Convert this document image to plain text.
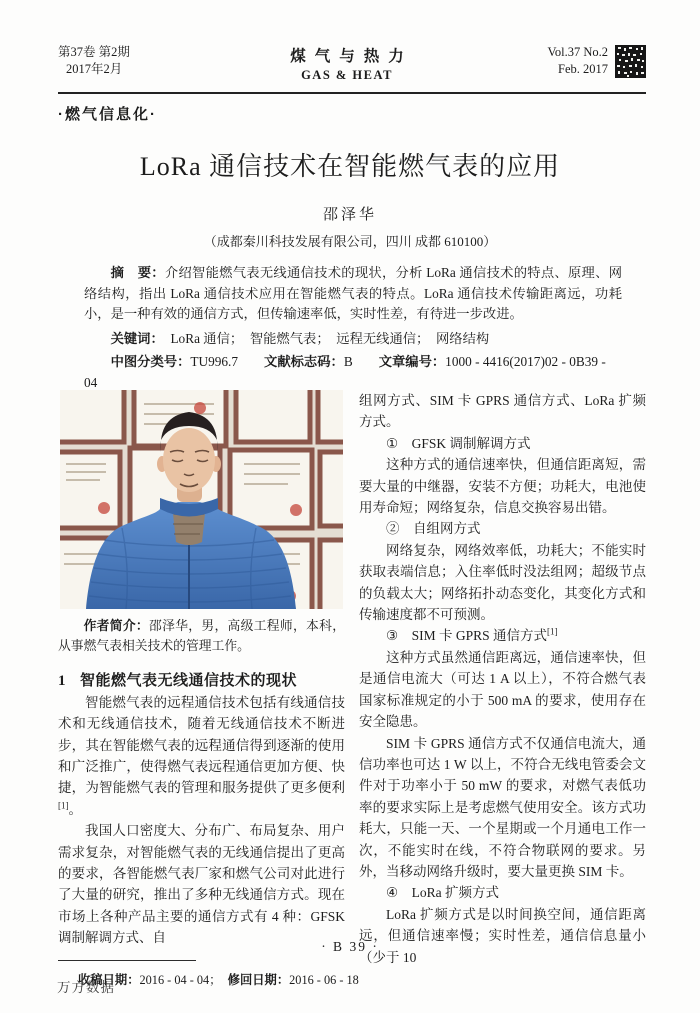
第37卷 第2期
2017年2月
煤气与热力
GAS & HEAT
Vol.37 No.2
Feb. 2017
·燃气信息化·
LoRa 通信技术在智能燃气表的应用
邵泽华
（成都秦川科技发展有限公司，四川 成都 610100）

摘　要：介绍智能燃气表无线通信技术的现状，分析 LoRa 通信技术的特点、原理、网络结构，指出 LoRa 通信技术应用在智能燃气表的特点。LoRa 通信技术传输距离远，功耗小，是一种有效的通信方式，但传输速率低，实时性差，有待进一步改进。

关键词：　 LoRa 通信；　智能燃气表；　远程无线通信；　网络结构

中图分类号：TU996.7 文献标志码：B 文章编号：1000 - 4416(2017)02 - 0B39 - 04

作者简介：邵泽华，男，高级工程师，本科，从事燃气表相关技术的管理工作。

1 智能燃气表无线通信技术的现状

智能燃气表的远程通信技术包括有线通信技术和无线通信技术，随着无线通信技术不断进步，其在智能燃气表的远程通信得到逐渐的使用和广泛推广，使得燃气表远程通信更加方便、快捷，为智能燃气表的管理和服务提供了更多便利[1]。

我国人口密度大、分布广、布局复杂、用户需求复杂，对智能燃气表的无线通信提出了更高的要求，各智能燃气表厂家和燃气公司对此进行了大量的研究，推出了多种无线通信方式。现在市场上各种产品主要的通信方式有 4 种：GFSK 调制解调方式、自

收稿日期：2016 - 04 - 04；　 修回日期：2016 - 06 - 18

组网方式、SIM 卡 GPRS 通信方式、LoRa 扩频方式。

①　GFSK 调制解调方式

这种方式的通信速率快，但通信距离短，需要大量的中继器，安装不方便；功耗大，电池使用寿命短；网络复杂，信息交换容易出错。

②　自组网方式

网络复杂，网络效率低，功耗大；不能实时获取表端信息；入住率低时没法组网；超级节点的负载太大；网络拓扑动态变化，其变化方式和传输速度都不可预测。

③　SIM 卡 GPRS 通信方式[1]

这种方式虽然通信距离远，通信速率快，但是通信电流大（可达 1 A 以上），不符合燃气表国家标准规定的小于 500 mA 的要求，使用存在安全隐患。

SIM 卡 GPRS 通信方式不仅通信电流大，通信功率也可达 1 W 以上，不符合无线电管委会文件对于功率小于 50 mW 的要求，对燃气表低功率的要求实际上是考虑燃气使用安全。该方式功耗大，只能一天、一个星期或一个月通电工作一次，不能实时在线，不符合物联网的要求。另外，当移动网络升级时，要大量更换 SIM 卡。

④　LoRa 扩频方式

LoRa 扩频方式是以时间换空间，通信距离远，但通信速率慢；实时性差，通信信息量小（少于 10

· B 39 ·
万方数据
